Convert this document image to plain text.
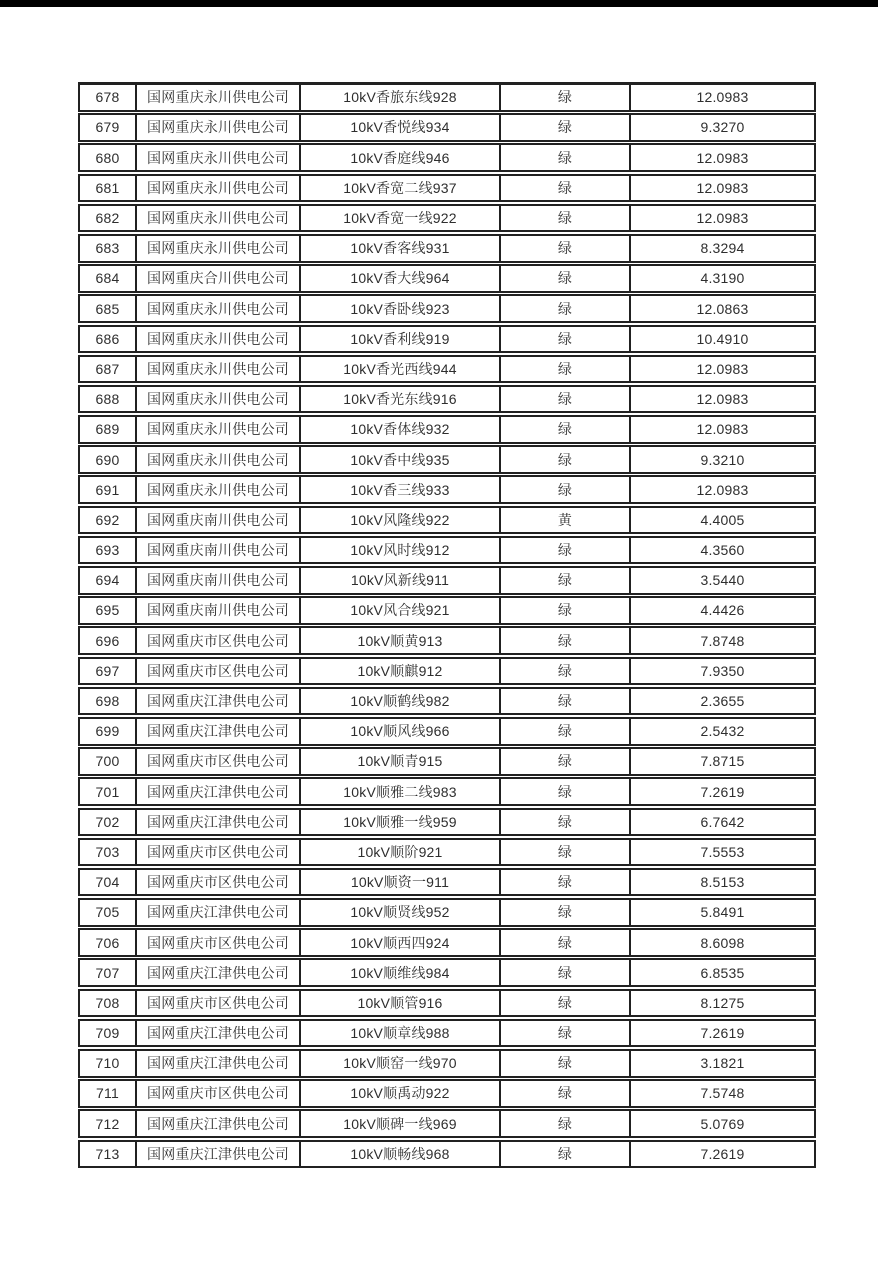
678	国网重庆永川供电公司	10kV香旅东线928	绿	12.0983
679	国网重庆永川供电公司	10kV香悦线934	绿	9.3270
680	国网重庆永川供电公司	10kV香庭线946	绿	12.0983
681	国网重庆永川供电公司	10kV香宽二线937	绿	12.0983
682	国网重庆永川供电公司	10kV香宽一线922	绿	12.0983
683	国网重庆永川供电公司	10kV香客线931	绿	8.3294
684	国网重庆合川供电公司	10kV香大线964	绿	4.3190
685	国网重庆永川供电公司	10kV香卧线923	绿	12.0863
686	国网重庆永川供电公司	10kV香利线919	绿	10.4910
687	国网重庆永川供电公司	10kV香光西线944	绿	12.0983
688	国网重庆永川供电公司	10kV香光东线916	绿	12.0983
689	国网重庆永川供电公司	10kV香体线932	绿	12.0983
690	国网重庆永川供电公司	10kV香中线935	绿	9.3210
691	国网重庆永川供电公司	10kV香三线933	绿	12.0983
692	国网重庆南川供电公司	10kV风隆线922	黄	4.4005
693	国网重庆南川供电公司	10kV风时线912	绿	4.3560
694	国网重庆南川供电公司	10kV风新线911	绿	3.5440
695	国网重庆南川供电公司	10kV风合线921	绿	4.4426
696	国网重庆市区供电公司	10kV顺黄913	绿	7.8748
697	国网重庆市区供电公司	10kV顺麒912	绿	7.9350
698	国网重庆江津供电公司	10kV顺鹤线982	绿	2.3655
699	国网重庆江津供电公司	10kV顺风线966	绿	2.5432
700	国网重庆市区供电公司	10kV顺青915	绿	7.8715
701	国网重庆江津供电公司	10kV顺雅二线983	绿	7.2619
702	国网重庆江津供电公司	10kV顺雅一线959	绿	6.7642
703	国网重庆市区供电公司	10kV顺阶921	绿	7.5553
704	国网重庆市区供电公司	10kV顺资一911	绿	8.5153
705	国网重庆江津供电公司	10kV顺贤线952	绿	5.8491
706	国网重庆市区供电公司	10kV顺西四924	绿	8.6098
707	国网重庆江津供电公司	10kV顺维线984	绿	6.8535
708	国网重庆市区供电公司	10kV顺管916	绿	8.1275
709	国网重庆江津供电公司	10kV顺章线988	绿	7.2619
710	国网重庆江津供电公司	10kV顺窑一线970	绿	3.1821
711	国网重庆市区供电公司	10kV顺禹动922	绿	7.5748
712	国网重庆江津供电公司	10kV顺碑一线969	绿	5.0769
713	国网重庆江津供电公司	10kV顺畅线968	绿	7.2619
